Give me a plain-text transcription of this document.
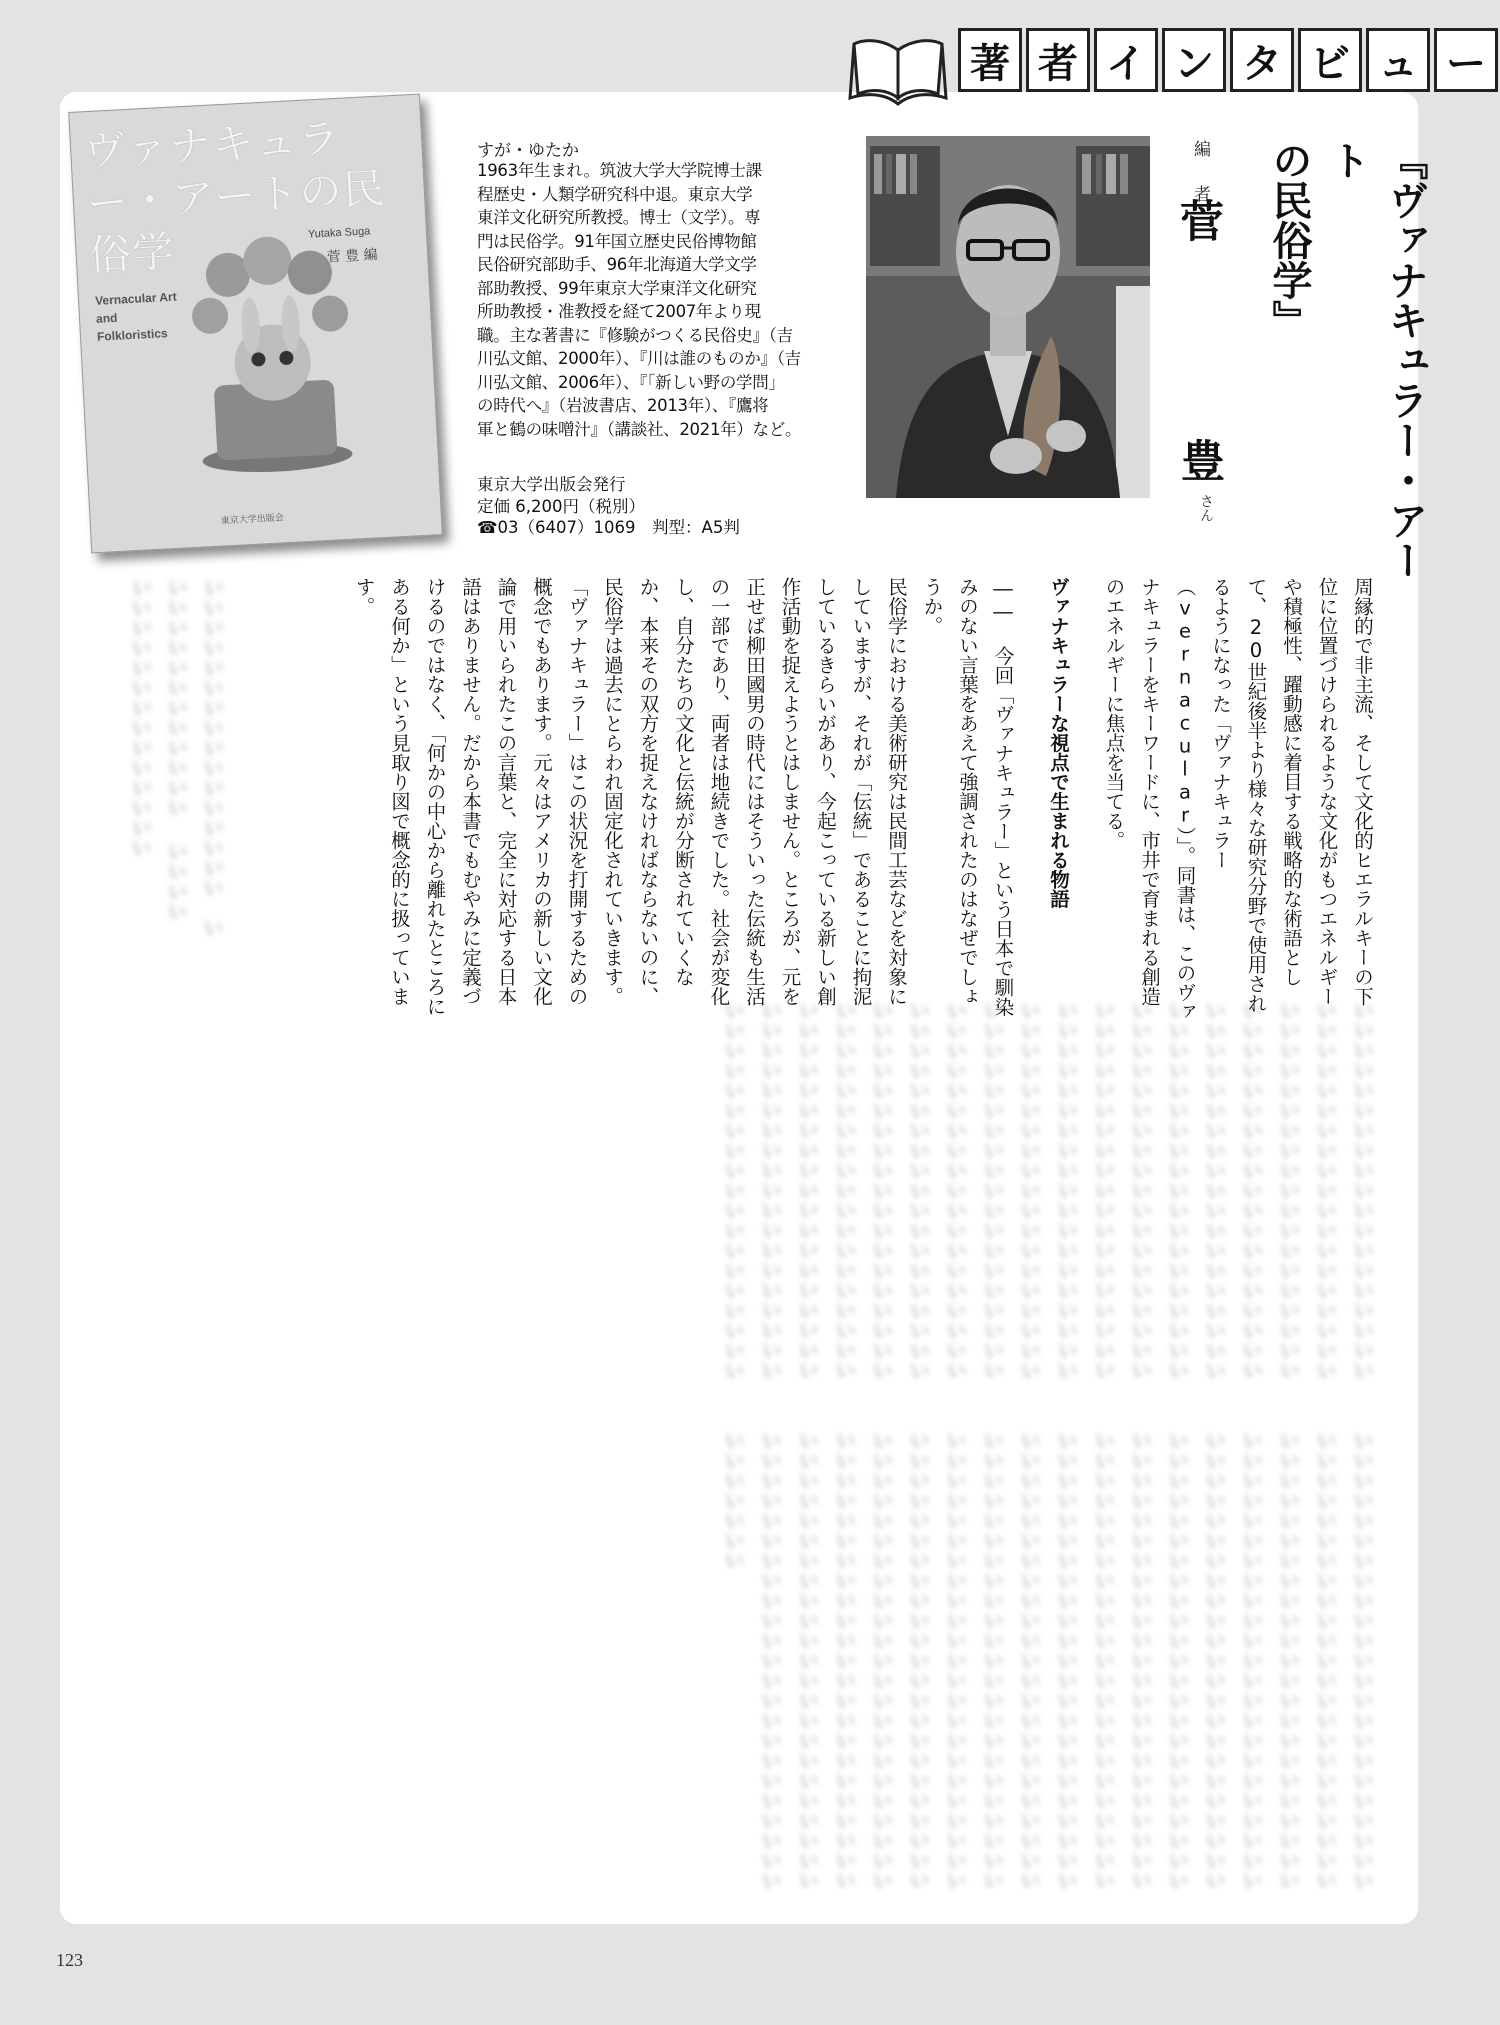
著 者 イ ン タ ビ ュ ー
ヴァナキュラー・アートの民俗学
Vernacular Art
and
Folkloristics
Yutaka Suga
菅 豊 編
東京大学出版会
すが・ゆたか
1963年生まれ。筑波大学大学院博士課
程歴史・人類学研究科中退。東京大学
東洋文化研究所教授。博士（文学）。専
門は民俗学。91年国立歴史民俗博物館
民俗研究部助手、96年北海道大学文学
部助教授、99年東京大学東洋文化研究
所助教授・准教授を経て2007年より現
職。主な著書に『修験がつくる民俗史』（吉
川弘文館、2000年）、『川は誰のものか』（吉
川弘文館、2006年）、『「新しい野の学問」
の時代へ』（岩波書店、2013年）、『鷹将
軍と鶴の味噌汁』（講談社、2021年）など。
東京大学出版会発行
定価 6,200円（税別）
☎03（6407）1069　判型：A5判
編 者
菅
豊
さん	『ヴァナキュラー・アート
の民俗学』
周縁的で非主流、そして文化的ヒエラルキーの下位に位置づけられるような文化がもつエネルギーや積極性、躍動感に着目する戦略的な術語として、20世紀後半より様々な研究分野で使用されるようになった「ヴァナキュラー（vernacular）」。同書は、このヴァナキュラーをキーワードに、市井で育まれる創造のエネルギーに焦点を当てる。
ヴァナキュラーな視点で生まれる物語
―― 今回「ヴァナキュラー」という日本で馴染みのない言葉をあえて強調されたのはなぜでしょうか。
民俗学における美術研究は民間工芸などを対象にしていますが、それが「伝統」であることに拘泥しているきらいがあり、今起こっている新しい創作活動を捉えようとはしません。ところが、元を正せば柳田國男の時代にはそういった伝統も生活の一部であり、両者は地続きでした。社会が変化し、自分たちの文化と伝統が分断されていくなか、本来その双方を捉えなければならないのに、民俗学は過去にとらわれ固定化されていきます。
「ヴァナキュラー」はこの状況を打開するための概念でもあります。元々はアメリカの新しい文化論で用いられたこの言葉と、完全に対応する日本語はありません。だから本書でもむやみに定義づけるのではなく、「何かの中心から離れたところにある何か」という見取り図で概念的に扱っています。
いいいいいいいいいいいいいいいい　いいいいいいいいいいいいい いいいいいいいいいいいいいいいいいい
いいいいいいいいいいいいいいいいいいいいいいいいいいいいいいいいいいいいいいいいいいいいいいいいいいいいいいいいいいいいいいいいいいいいいいいいいいいいいいいいいいいいいいいいいいいいいいいいいいいいいいいいいいいいいいいいいいいいいいいいいいいいいいいいいいいいいいいいいいいいいいいいいいいいいいいいいいいいいいいいいいいいいいいいいいいいいいいいいいいいいいいいいいいいいいいいいいいいいいいいいいいいいいいいいいいいいいいいいいいいいいいいいいいいいいいいいいいいいいいいいいいいいいいいいいいいいいいいいいいいいいいいいいいいいいいいいいいいいいいいいいいいいいいいいいいいいいいいいいいいいいいいいいいいいいいいいいいいいいいいいいいいいいいいいいいいいいいいいいいいいい
いいいいいいいいいいいいいいいいいいいいいいいいいいいいいいいいいいいいいいいいいいいいいいいいいいいいいいいいいいいいいいいいいいいいいいいいいいいいいいいいいいいいいいいいいいいいいいいいいいいいいいいいいいいいいいいいいいいいいいいいいいいいいいいいいいいいいいいいいいいいいいいいいいいいいいいいいいいいいいいいいいいいいいいいいいいいいいいいいいいいいいいいいいいいいいいいいいいいいいいいいいいいいいいいいいいいいいいいいいいいいいいいいいいいいいいいいいいいいいいいいいいいいいいいいいいいいいいいいいいいいいいいいいいいいいいいいいいいいいいいいいいいいいいいいいいいいいいいいいいいいいいいいいいいいいいいいいいいいいいいいいいいいいいいいいいいいいいいいいいいいいいいいいいいいいいいいいいいいいいいいいいいいいいいいいいいいいいいいいいいいいいいいいいいいいいいいいいいいい
123
